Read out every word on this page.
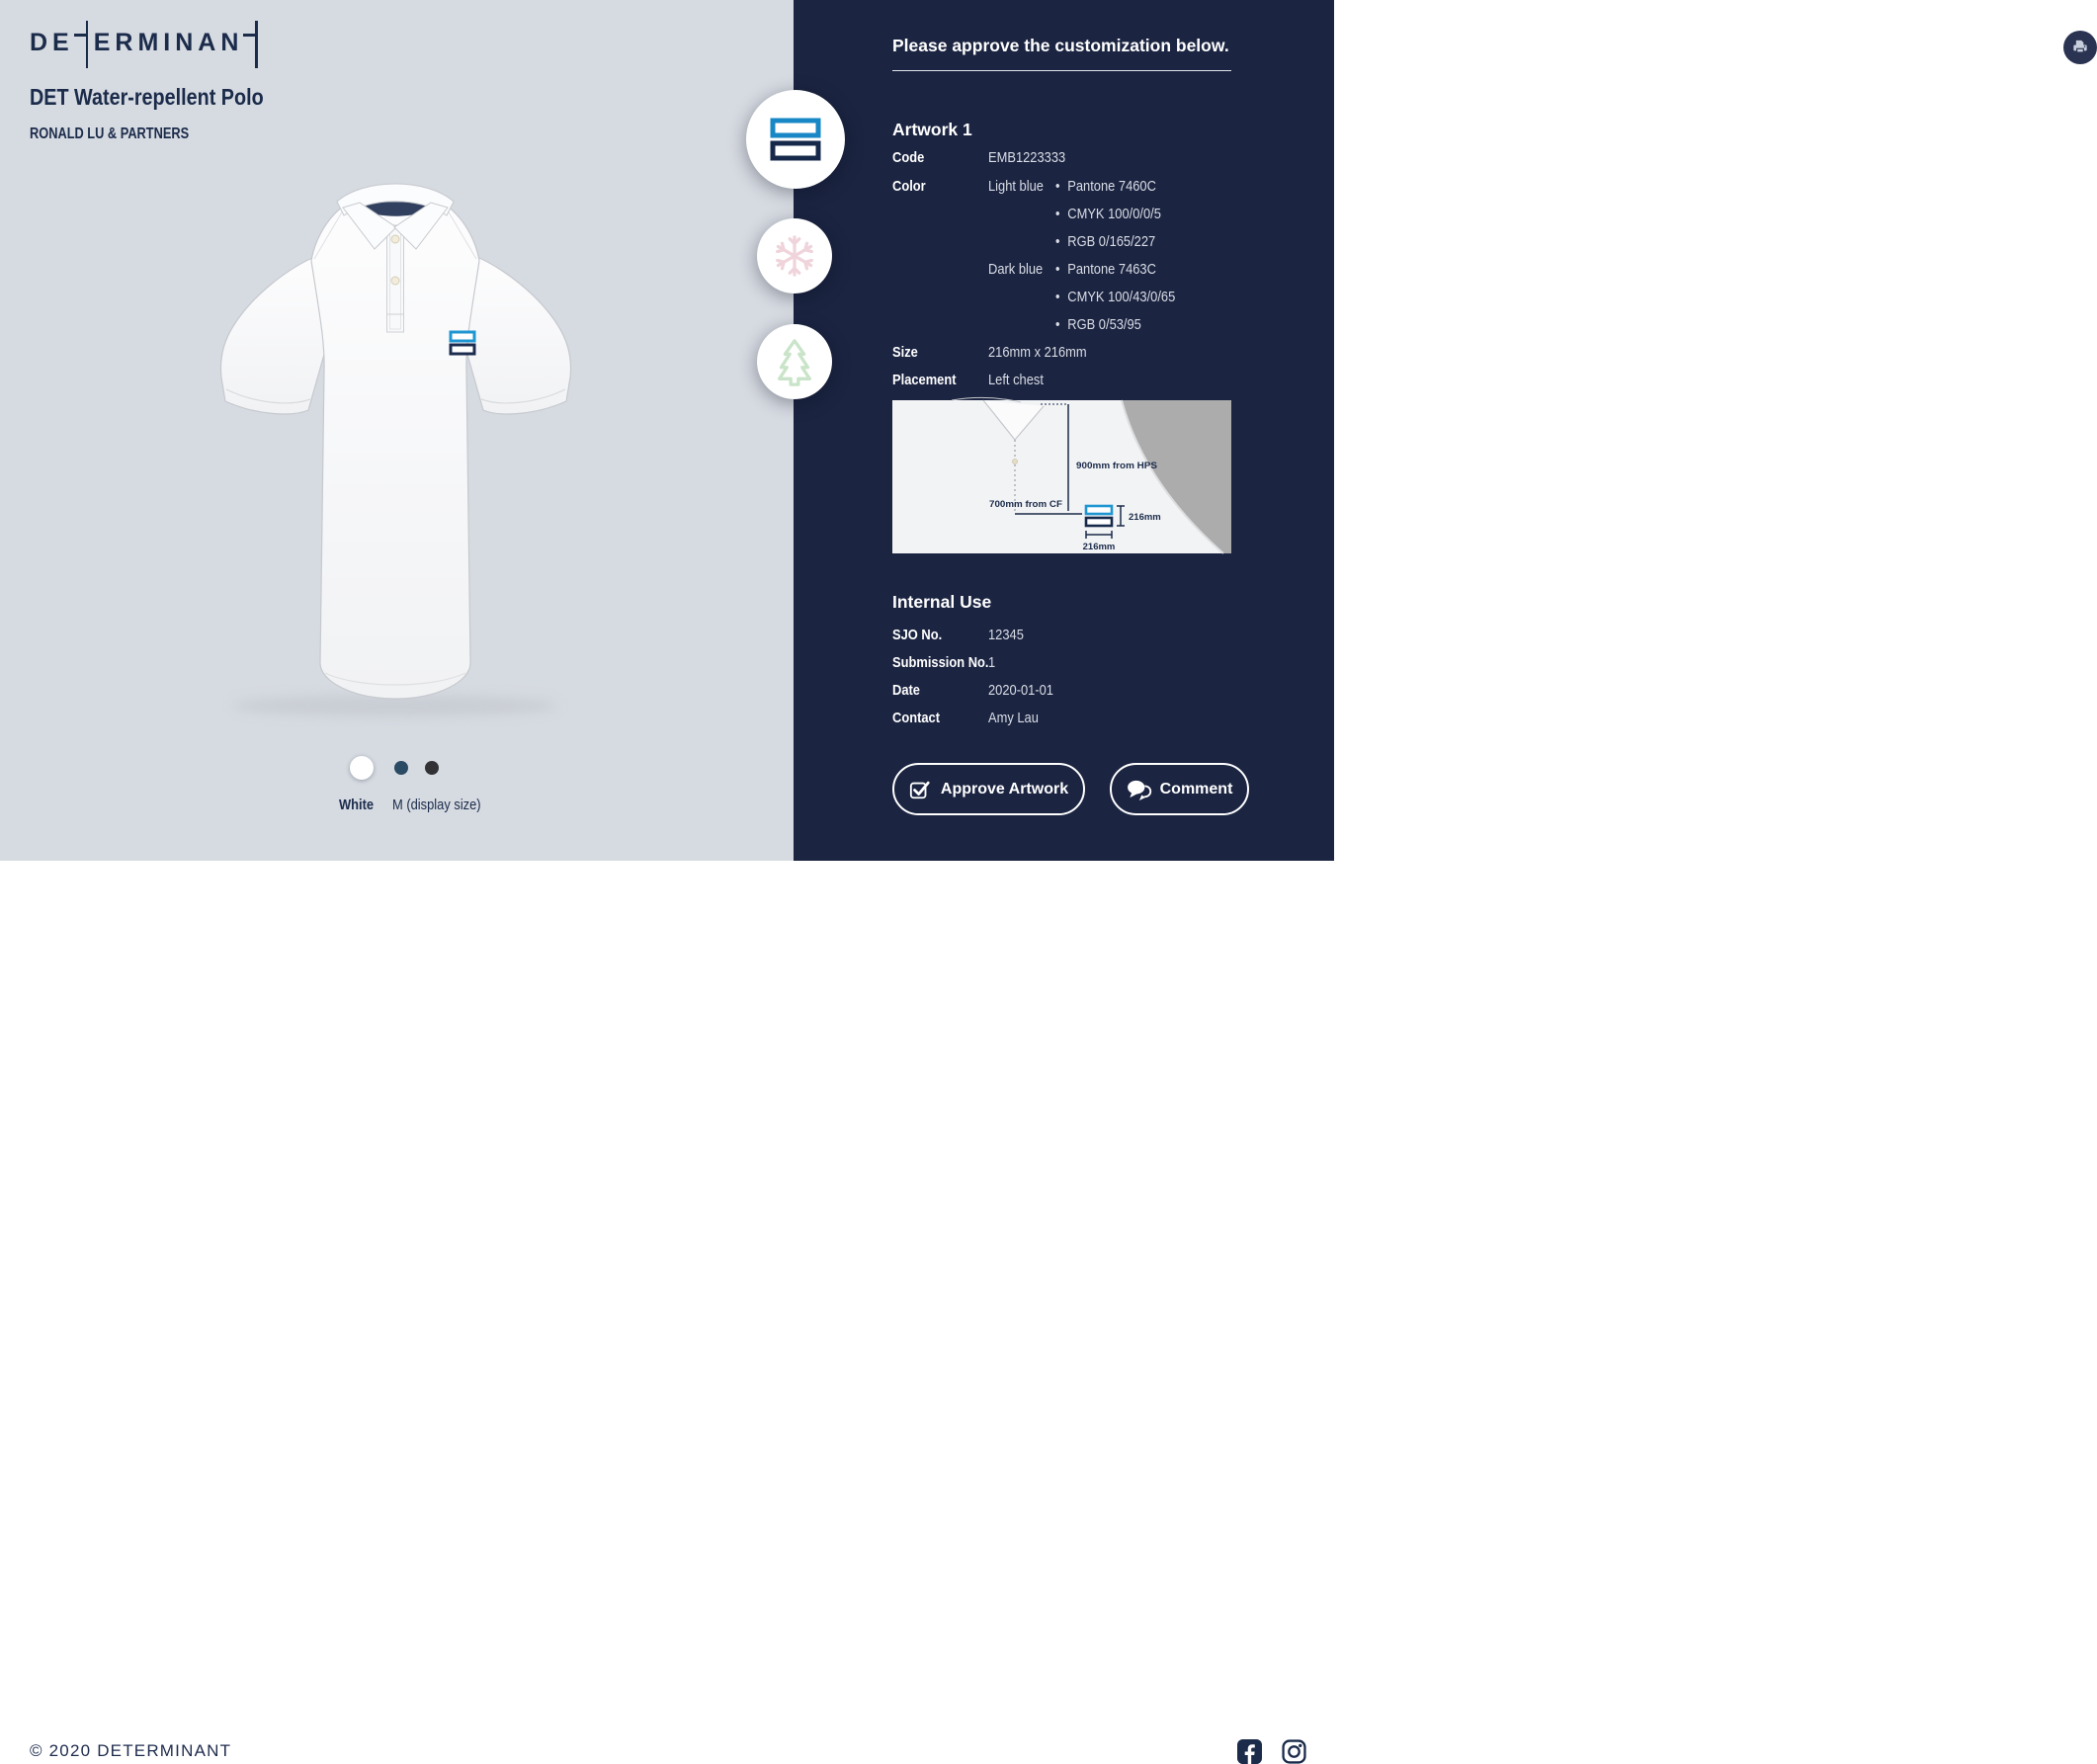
DE ERMINAN
DET Water-repellent Polo
RONALD LU & PARTNERS
White M (display size)
Please approve the customization below.
Artwork 1
Code	EMB1223333
Color	Light blue	• Pantone 7460C
• CMYK 100/0/0/5
• RGB 0/165/227
Dark blue	• Pantone 7463C
• CMYK 100/43/0/65
• RGB 0/53/95
Size	216mm x 216mm
Placement	Left chest
900mm from HPS
700mm from CF
216mm
216mm
Internal Use
SJO No.	12345
Submission No. 1
Date	2020-01-01
Contact	Amy Lau
Approve Artwork	Comment
© 2020 DETERMINANT
